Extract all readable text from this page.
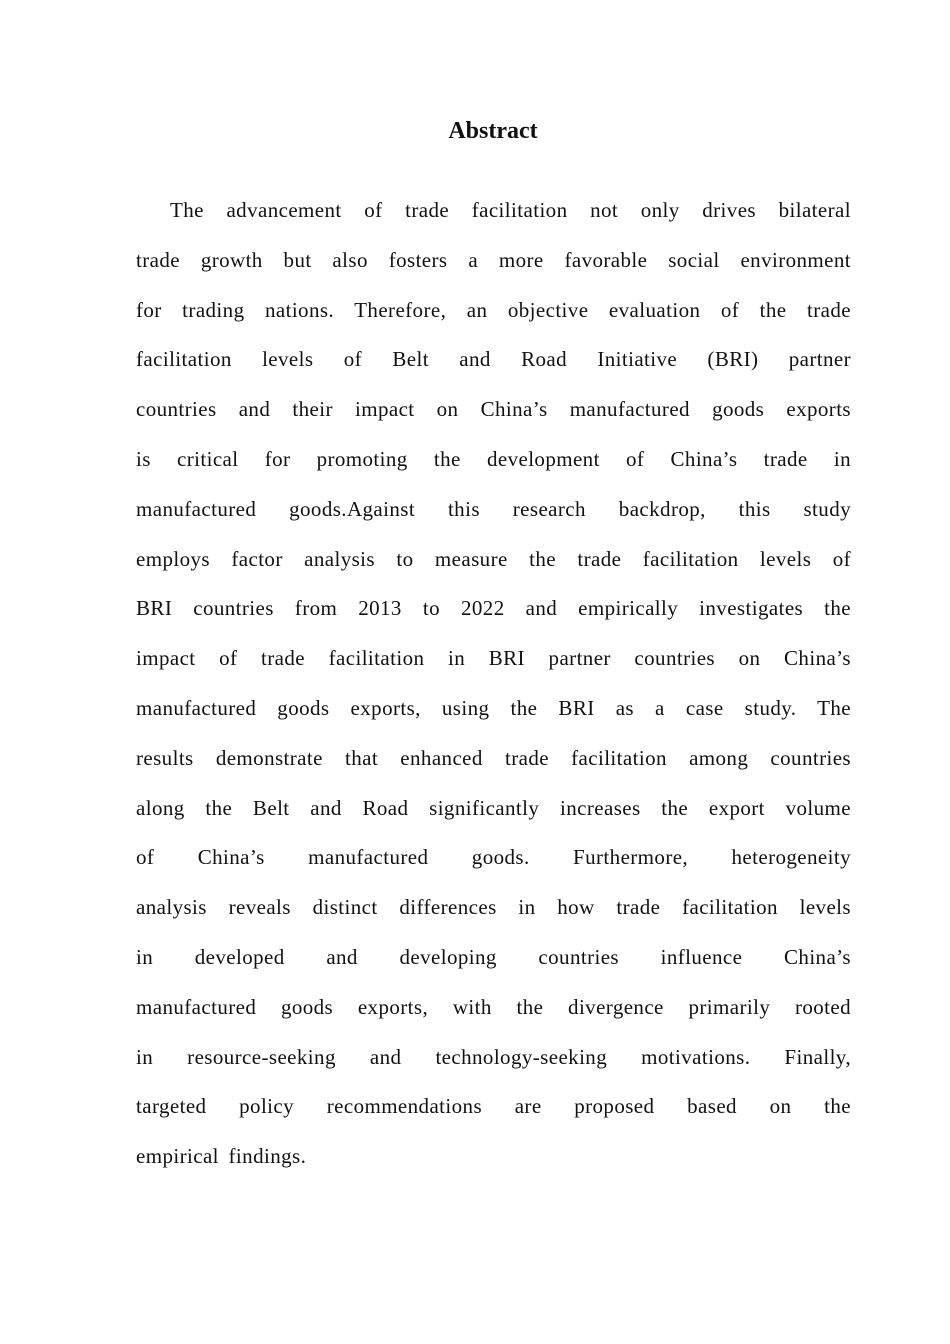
Abstract
The advancement of trade facilitation not only drives bilateral
trade growth but also fosters a more favorable social environment
for trading nations. Therefore, an objective evaluation of the trade
facilitation levels of Belt and Road Initiative (BRI) partner
countries and their impact on China’s manufactured goods exports
is critical for promoting the development of China’s trade in
manufactured goods.Against this research backdrop, this study
employs factor analysis to measure the trade facilitation levels of
BRI countries from 2013 to 2022 and empirically investigates the
impact of trade facilitation in BRI partner countries on China’s
manufactured goods exports, using the BRI as a case study. The
results demonstrate that enhanced trade facilitation among countries
along the Belt and Road significantly increases the export volume
of China’s manufactured goods. Furthermore, heterogeneity
analysis reveals distinct differences in how trade facilitation levels
in developed and developing countries influence China’s
manufactured goods exports, with the divergence primarily rooted
in resource-seeking and technology-seeking motivations. Finally,
targeted policy recommendations are proposed based on the
empirical findings.
